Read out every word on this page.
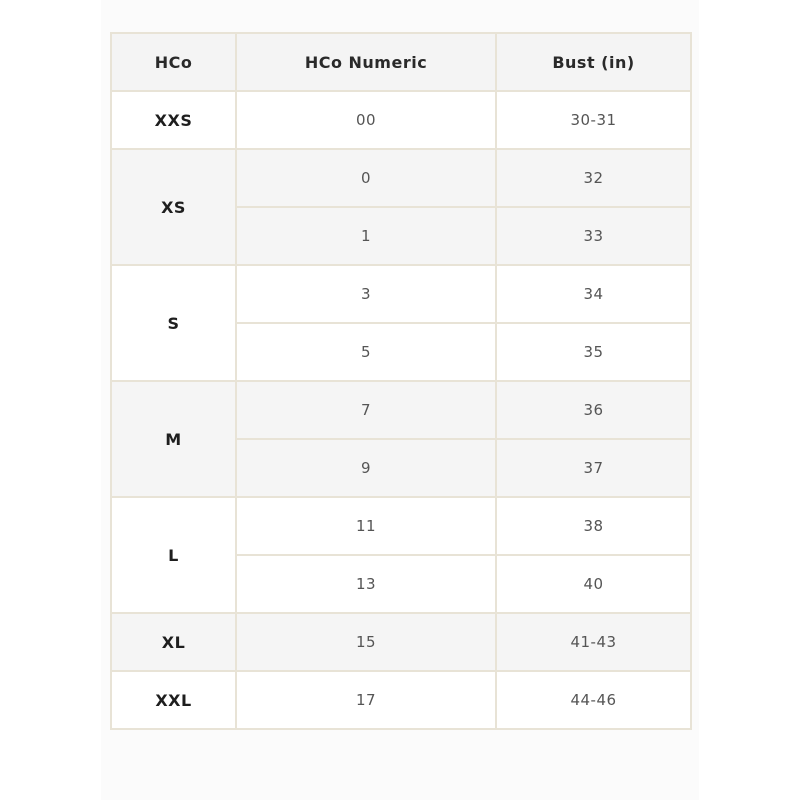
HCo	HCo Numeric	Bust (in)
XXS	00	30-31
XS	0	32
	1	33
S	3	34
	5	35
M	7	36
	9	37
L	11	38
	13	40
XL	15	41-43
XXL	17	44-46
